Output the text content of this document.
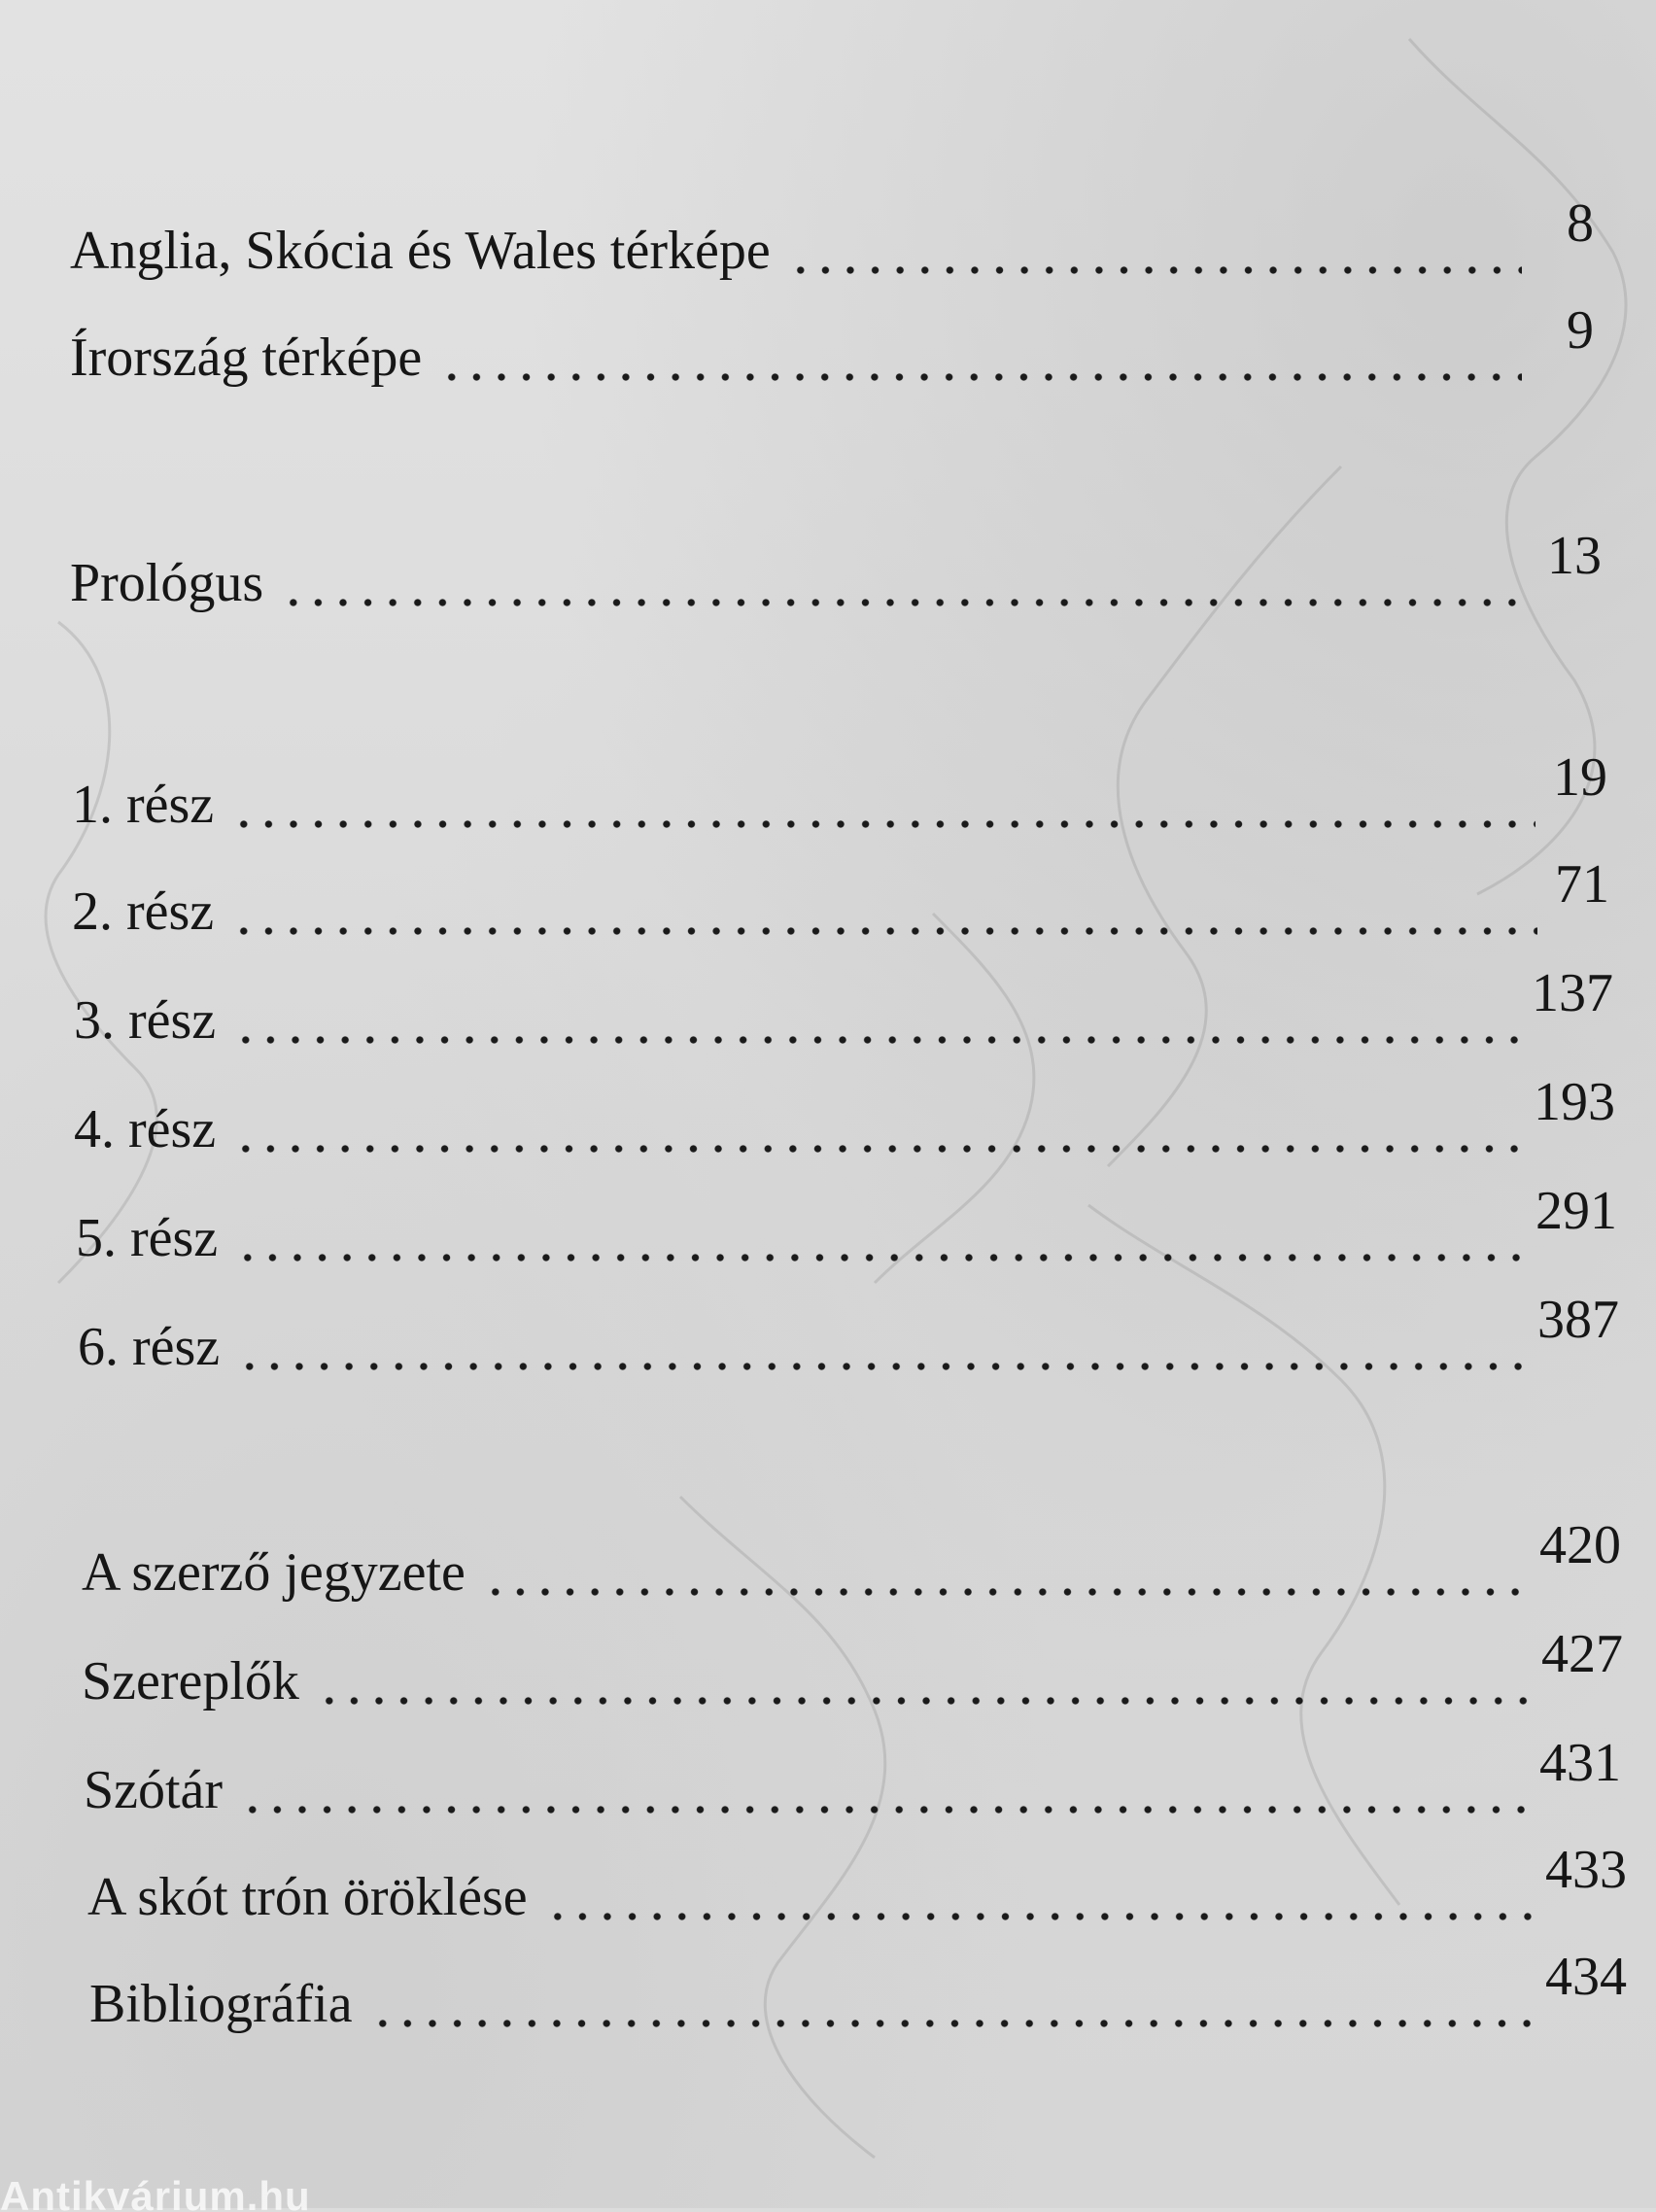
Anglia, Skócia és Wales térképe	8
Írország térképe	9
Prológus	13
1. rész	19
2. rész	71
3. rész	137
4. rész	193
5. rész	291
6. rész	387
A szerző jegyzete	420
Szereplők	427
Szótár	431
A skót trón öröklése	433
Bibliográfia	434
Antikvárium.hu
